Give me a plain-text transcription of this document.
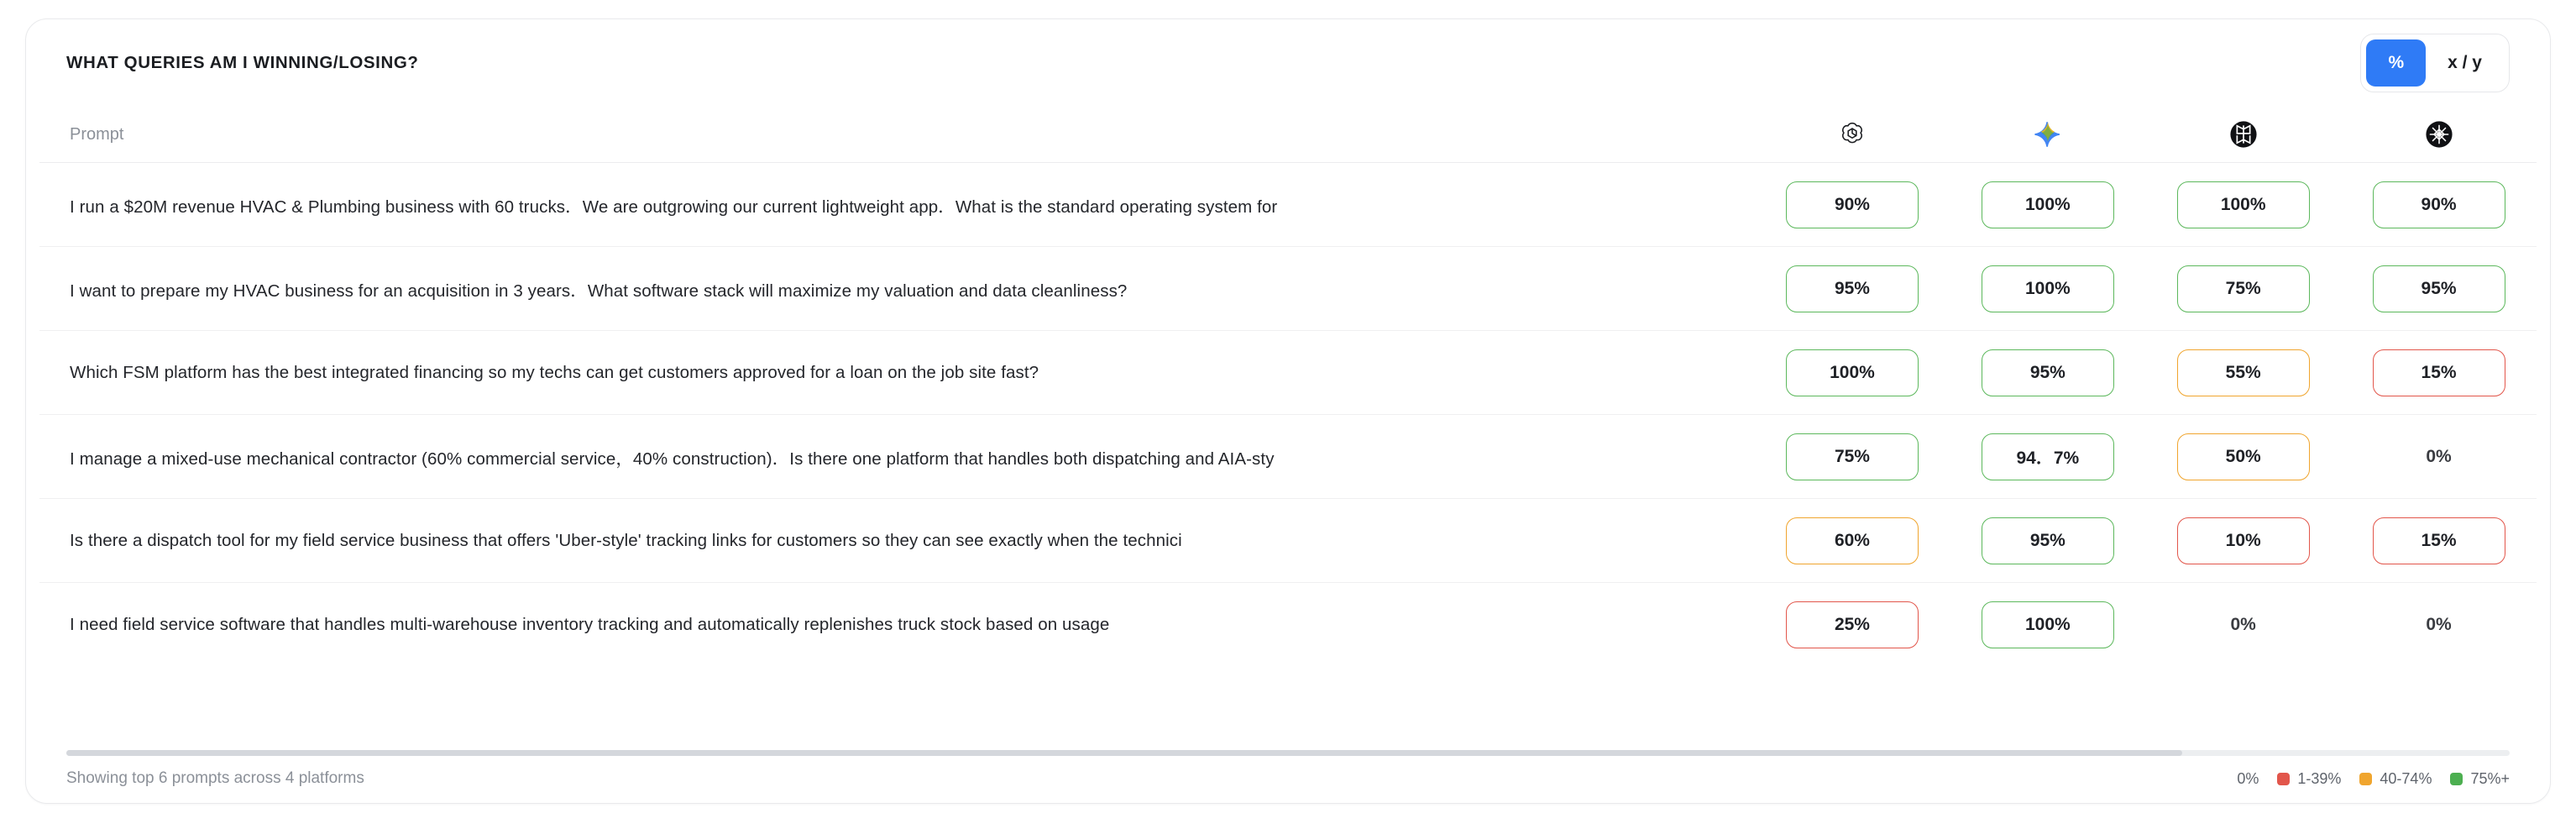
WHAT QUERIES AM I WINNING/LOSING?	%	x / y
Prompt	

I run a $20M revenue HVAC & Plumbing business with 60 trucks．We are outgrowing our current lightweight app．What is the standard operating system for	90%	100%	100%	90%
I want to prepare my HVAC business for an acquisition in 3 years．What software stack will maximize my valuation and data cleanliness?	95%	100%	75%	95%
Which FSM platform has the best integrated financing so my techs can get customers approved for a loan on the job site fast?	100%	95%	55%	15%
I manage a mixed‑use mechanical contractor (60% commercial service，40% construction)．Is there one platform that handles both dispatching and AIA‑sty	75%	94．7%	50%	0%
Is there a dispatch tool for my field service business that offers 'Uber‑style' tracking links for customers so they can see exactly when the technici	60%	95%	10%	15%
I need field service software that handles multi‑warehouse inventory tracking and automatically replenishes truck stock based on usage	25%	100%	0%	0%
Showing top 6 prompts across 4 platforms	0%	1-39%	40-74%	75%+
